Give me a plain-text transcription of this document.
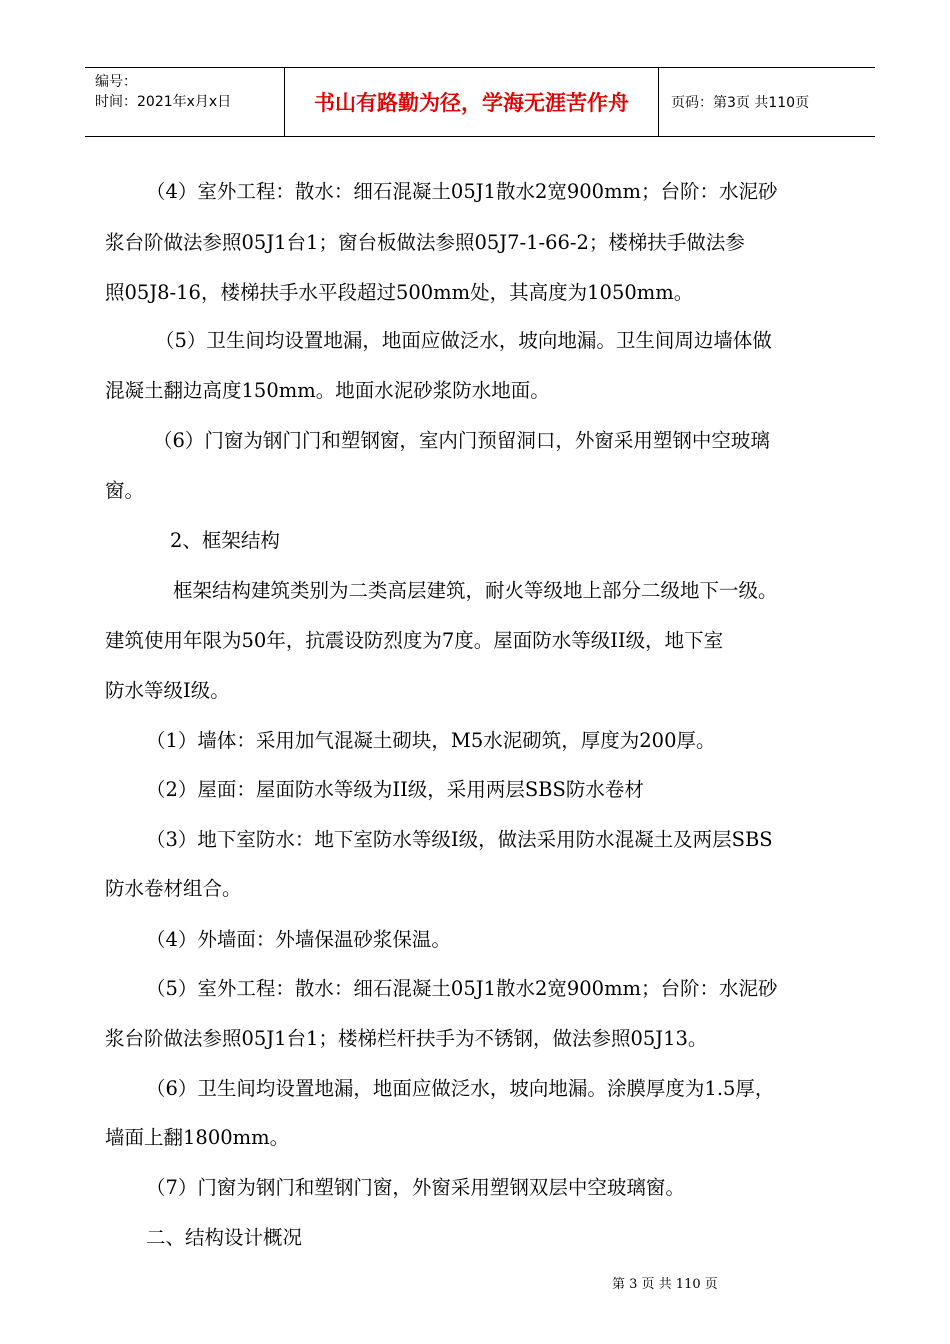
编号：
时间：2021年x月x日	书山有路勤为径，学海无涯苦作舟	页码：第3页 共110页
（4）室外工程：散水：细石混凝土05J1散水2宽900mm；台阶：水泥砂
浆台阶做法参照05J1台1；窗台板做法参照05J7-1-66-2；楼梯扶手做法参
照05J8-16，楼梯扶手水平段超过500mm处，其高度为1050mm。
（5）卫生间均设置地漏，地面应做泛水，坡向地漏。卫生间周边墙体做
混凝土翻边高度150mm。地面水泥砂浆防水地面。
（6）门窗为钢门门和塑钢窗，室内门预留洞口，外窗采用塑钢中空玻璃
窗。
2、框架结构
框架结构建筑类别为二类高层建筑，耐火等级地上部分二级地下一级。
建筑使用年限为50年，抗震设防烈度为7度。屋面防水等级II级，地下室
防水等级I级。
（1）墙体：采用加气混凝土砌块，M5水泥砌筑，厚度为200厚。
（2）屋面：屋面防水等级为II级，采用两层SBS防水卷材
（3）地下室防水：地下室防水等级I级，做法采用防水混凝土及两层SBS
防水卷材组合。
（4）外墙面：外墙保温砂浆保温。
（5）室外工程：散水：细石混凝土05J1散水2宽900mm；台阶：水泥砂
浆台阶做法参照05J1台1；楼梯栏杆扶手为不锈钢，做法参照05J13。
（6）卫生间均设置地漏，地面应做泛水，坡向地漏。涂膜厚度为1.5厚，
墙面上翻1800mm。
（7）门窗为钢门和塑钢门窗，外窗采用塑钢双层中空玻璃窗。
二、结构设计概况
第 3 页 共 110 页
